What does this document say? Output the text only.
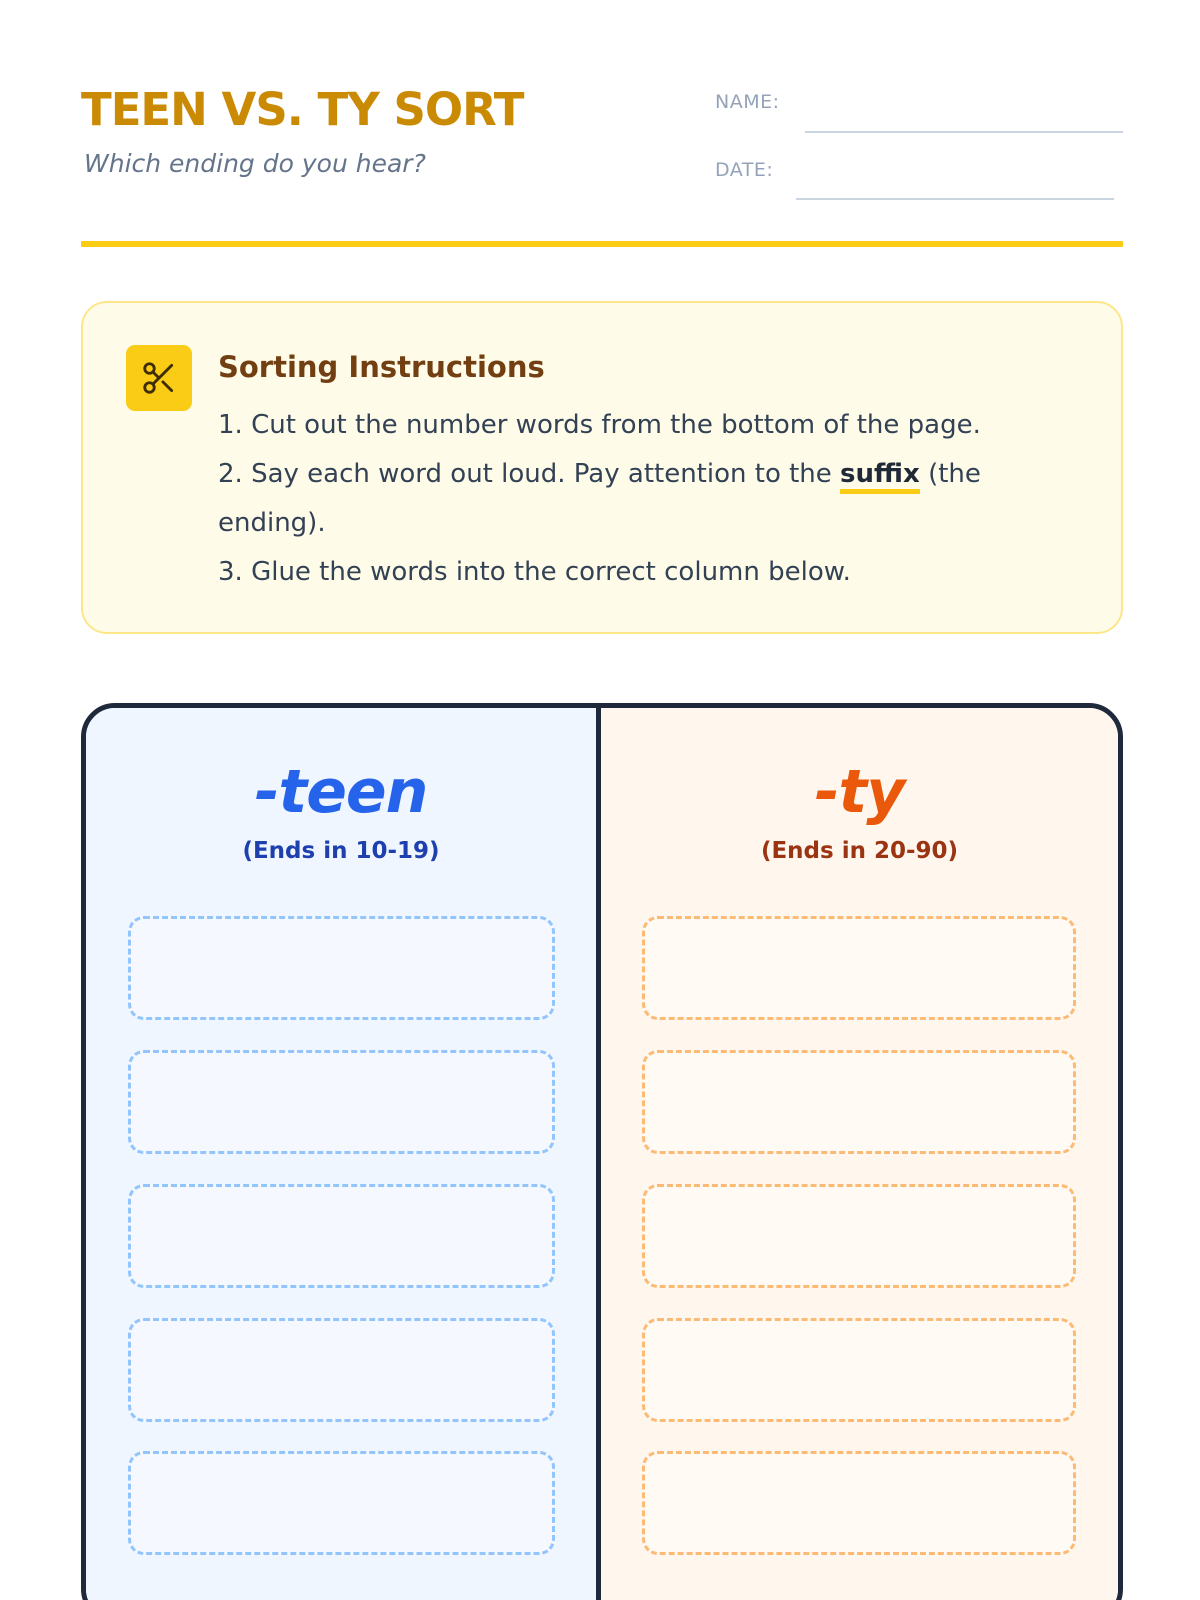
TEEN VS. TY SORT
Which ending do you hear?
NAME:
DATE:
Sorting Instructions
1. Cut out the number words from the bottom of the page.
2. Say each word out loud. Pay attention to the suffix (the ending).
3. Glue the words into the correct column below.
-teen
(Ends in 10-19)
-ty
(Ends in 20-90)
